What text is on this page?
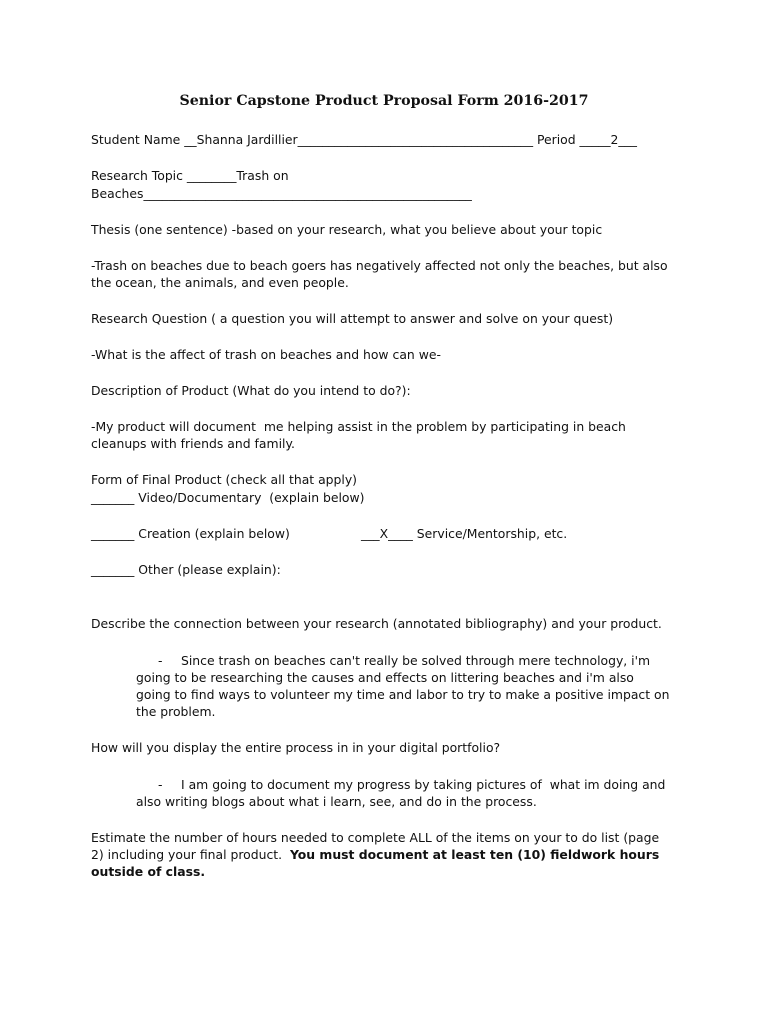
Senior Capstone Product Proposal Form 2016-2017
Student Name __Shanna Jardillier______________________________________ Period _____2___
Research Topic ________Trash on
Beaches_____________________________________________________
Thesis (one sentence) -based on your research, what you believe about your topic
-Trash on beaches due to beach goers has negatively affected not only the beaches, but also
the ocean, the animals, and even people.
Research Question ( a question you will attempt to answer and solve on your quest)
-What is the affect of trash on beaches and how can we-
Description of Product (What do you intend to do?):
-My product will document  me helping assist in the problem by participating in beach
cleanups with friends and family.
Form of Final Product (check all that apply)
_______ Video/Documentary  (explain below)
_______ Creation (explain below)	___X____ Service/Mentorship, etc.
_______ Other (please explain):
Describe the connection between your research (annotated bibliography) and your product.
- Since trash on beaches can't really be solved through mere technology, i'm
going to be researching the causes and effects on littering beaches and i'm also
going to find ways to volunteer my time and labor to try to make a positive impact on
the problem.
How will you display the entire process in in your digital portfolio?
- I am going to document my progress by taking pictures of  what im doing and
also writing blogs about what i learn, see, and do in the process.
Estimate the number of hours needed to complete ALL of the items on your to do list (page
2) including your final product.  You must document at least ten (10) fieldwork hours
outside of class.
